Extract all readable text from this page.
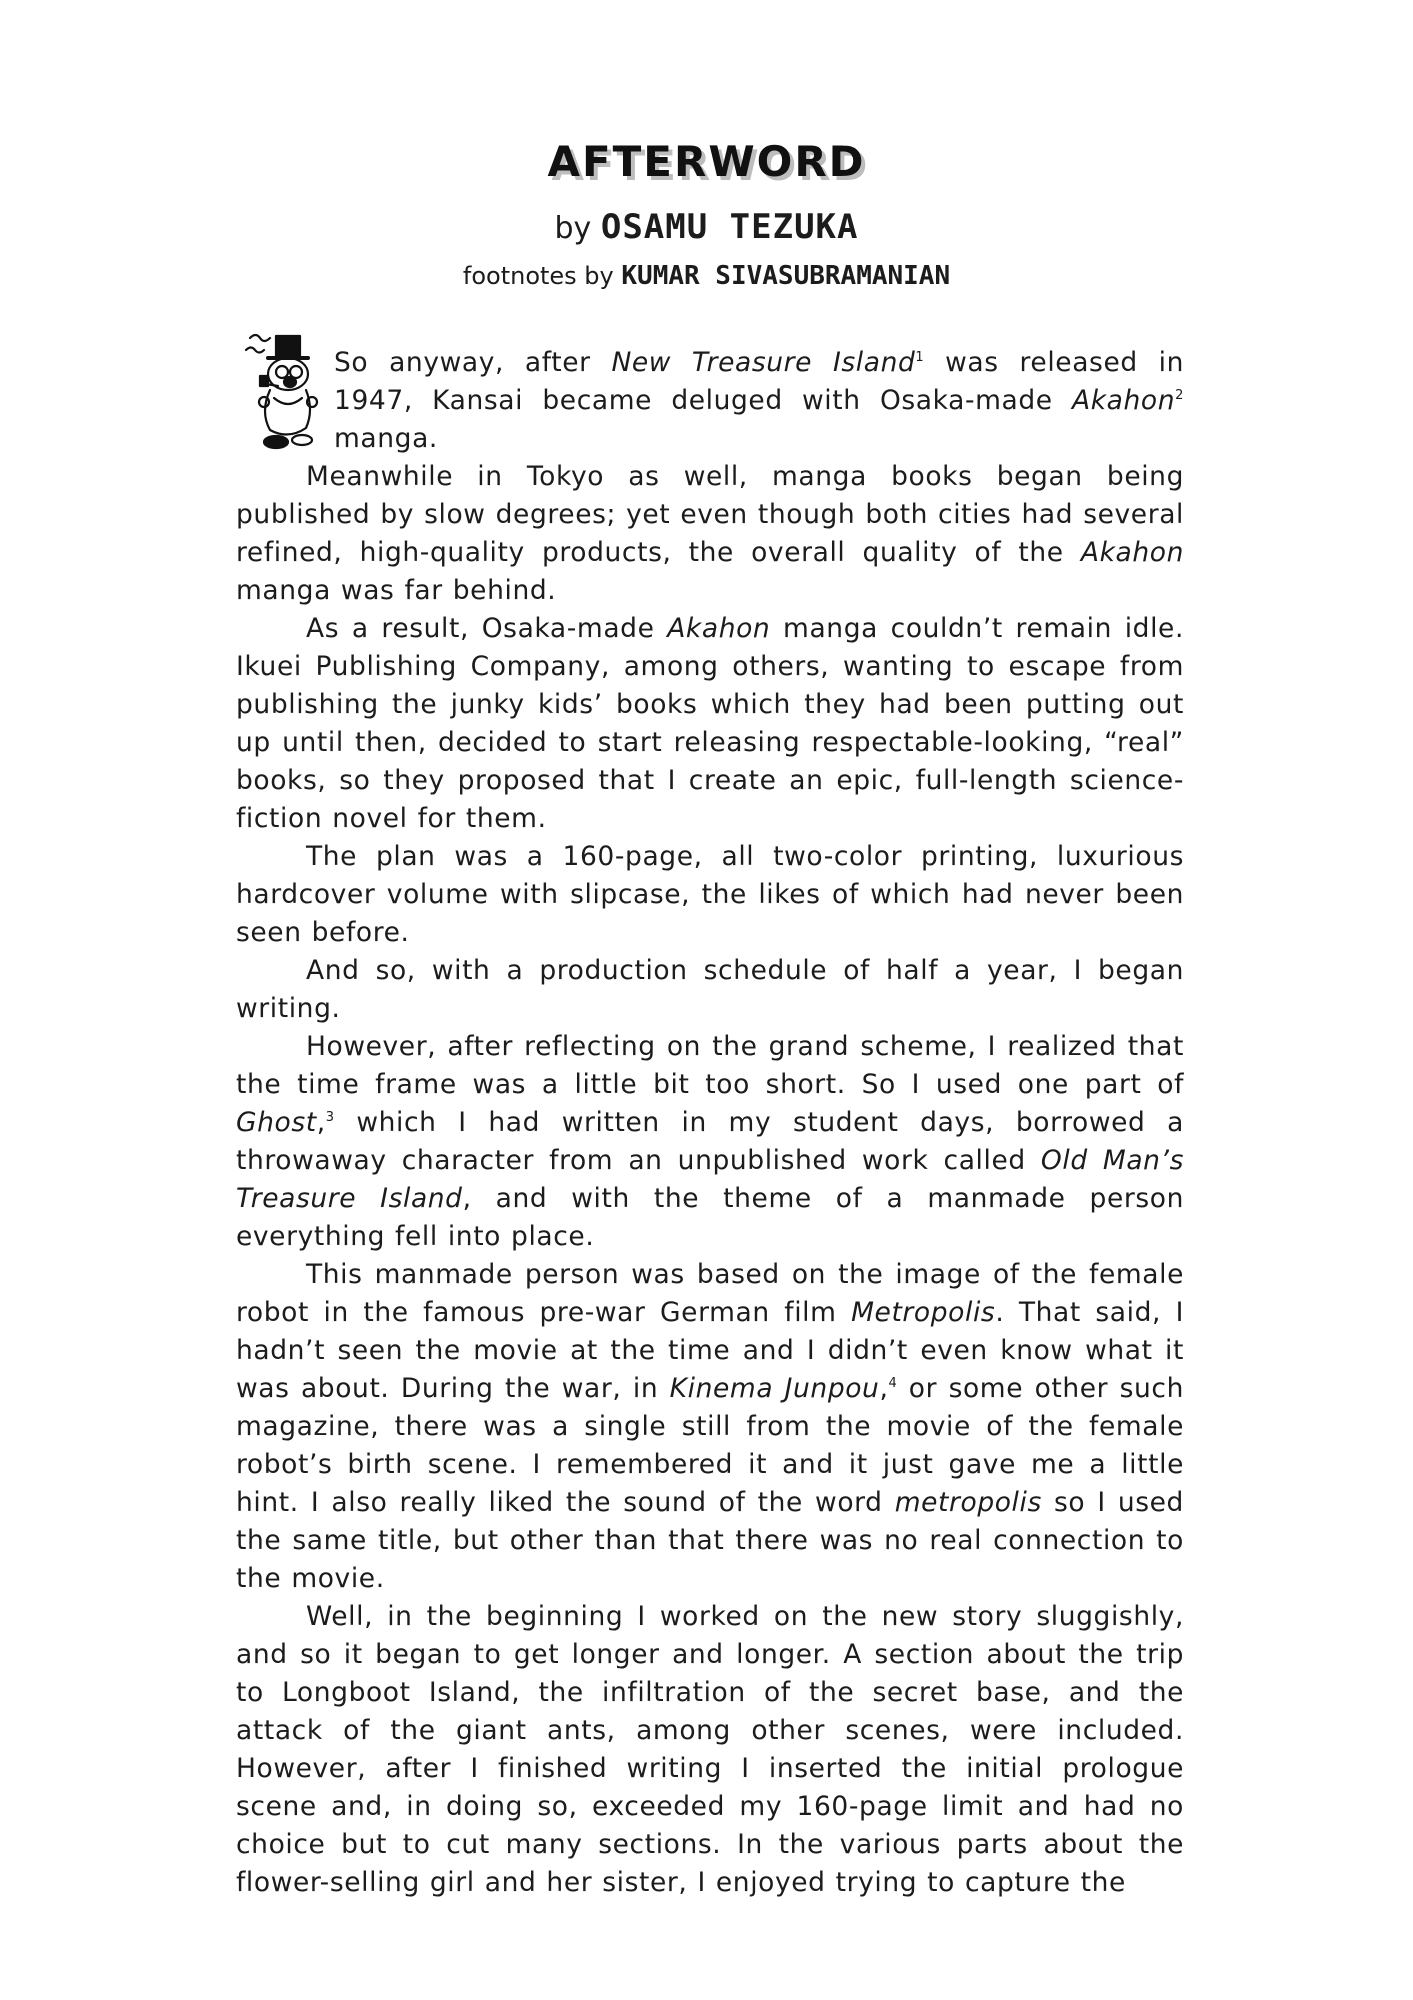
AFTERWORD
by OSAMU TEZUKA
footnotes by KUMAR SIVASUBRAMANIAN

So anyway, after New Treasure Island$^1$ was released in 1947, Kansai became deluged with Osaka-made Akahon$^2$ manga.

Meanwhile in Tokyo as well, manga books began being published by slow degrees; yet even though both cities had several refined, high-quality products, the overall quality of the Akahon manga was far behind.

As a result, Osaka-made Akahon manga couldn’t remain idle. Ikuei Publishing Company, among others, wanting to escape from publishing the junky kids’ books which they had been putting out up until then, decided to start releasing respectable-looking, “real” books, so they proposed that I create an epic, full-length science-fiction novel for them.

The plan was a 160-page, all two-color printing, luxurious hardcover volume with slipcase, the likes of which had never been seen before.

And so, with a production schedule of half a year, I began writing.

However, after reflecting on the grand scheme, I realized that the time frame was a little bit too short. So I used one part of Ghost,$^3$ which I had written in my student days, borrowed a throwaway character from an unpublished work called Old Man’s Treasure Island, and with the theme of a manmade person everything fell into place.

This manmade person was based on the image of the female robot in the famous pre-war German film Metropolis. That said, I hadn’t seen the movie at the time and I didn’t even know what it was about. During the war, in Kinema Junpou,$^4$ or some other such magazine, there was a single still from the movie of the female robot’s birth scene. I remembered it and it just gave me a little hint. I also really liked the sound of the word metropolis so I used the same title, but other than that there was no real connection to the movie.

Well, in the beginning I worked on the new story sluggishly, and so it began to get longer and longer. A section about the trip to Longboot Island, the infiltration of the secret base, and the attack of the giant ants, among other scenes, were included. However, after I finished writing I inserted the initial prologue scene and, in doing so, exceeded my 160-page limit and had no choice but to cut many sections. In the various parts about the flower-selling girl and her sister, I enjoyed trying to capture the
